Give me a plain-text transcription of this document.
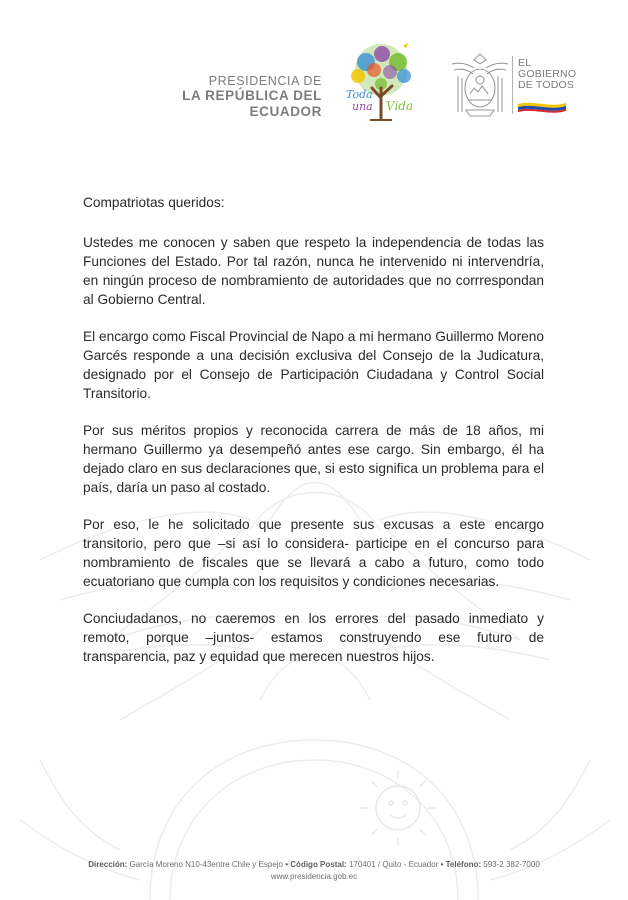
PRESIDENCIA DE
LA REPÚBLICA DEL ECUADOR
Toda
una Vida
EL
GOBIERNO
DE TODOS

Compatriotas queridos:

Ustedes me conocen y saben que respeto la independencia de todas las Funciones del Estado. Por tal razón, nunca he intervenido ni intervendría, en ningún proceso de nombramiento de autoridades que no corrrespondan al Gobierno Central.

El encargo como Fiscal Provincial de Napo a mi hermano Guillermo Moreno Garcés responde a una decisión exclusiva del Consejo de la Judicatura, designado por el Consejo de Participación Ciudadana y Control Social Transitorio.

Por sus méritos propios y reconocida carrera de más de 18 años, mi hermano Guillermo ya desempeñó antes ese cargo. Sin embargo, él ha dejado claro en sus declaraciones que, si esto significa un problema para el país, daría un paso al costado.

Por eso, le he solicitado que presente sus excusas a este encargo transitorio, pero que –si así lo considera- participe en el concurso para nombramiento de fiscales que se llevará a cabo a futuro, como todo ecuatoriano que cumpla con los requisitos y condiciones necesarias.

Conciudadanos, no caeremos en los errores del pasado inmediato y remoto, porque –juntos- estamos construyendo ese futuro de transparencia, paz y equidad que merecen nuestros hijos.

Dirección: García Moreno N10-43entre Chile y Espejo • Código Postal: 170401 / Quito - Ecuador • Teléfono: 593-2 382-7000
www.presidencia.gob.ec
